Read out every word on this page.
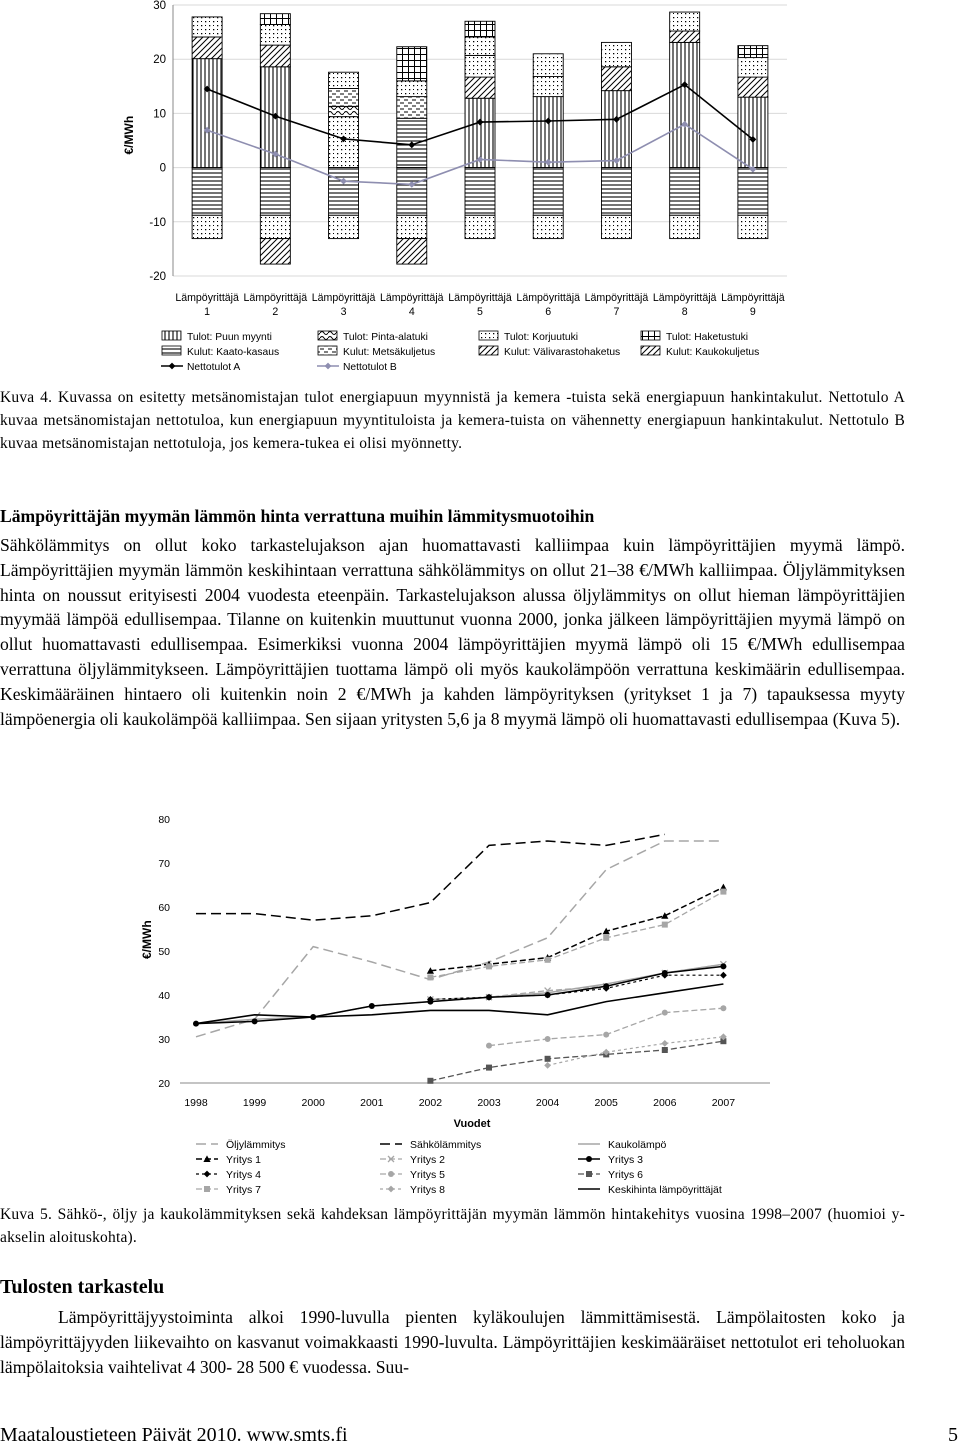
-20
-10
0
10
20
30
€/MWh
Lämpöyrittäjä
1
Lämpöyrittäjä
2
Lämpöyrittäjä
3
Lämpöyrittäjä
4
Lämpöyrittäjä
5
Lämpöyrittäjä
6
Lämpöyrittäjä
7
Lämpöyrittäjä
8
Lämpöyrittäjä
9
Tulot: Puun myynti	Tulot: Pinta-alatuki	Tulot: Korjuutuki	Tulot: Haketustuki
Kulut: Kaato-kasaus	Kulut: Metsäkuljetus	Kulut: Välivarastohaketus	Kulut: Kaukokuljetus
Nettotulot A	Nettotulot B

Kuva 4. Kuvassa on esitetty metsänomistajan tulot energiapuun myynnistä ja kemera -tuista sekä energiapuun hankintakulut. Nettotulo A kuvaa metsänomistajan nettotuloa, kun energiapuun myyntituloista ja kemera-tuista on vähennetty energiapuun hankintakulut. Nettotulo B kuvaa metsänomistajan nettotuloja, jos kemera-tukea ei olisi myönnetty.

Lämpöyrittäjän myymän lämmön hinta verrattuna muihin lämmitysmuotoihin

Sähkölämmitys on ollut koko tarkastelujakson ajan huomattavasti kalliimpaa kuin lämpöyrittäjien myymä lämpö. Lämpöyrittäjien myymän lämmön keskihintaan verrattuna sähkölämmitys on ollut 21–38 €/MWh kalliimpaa. Öljylämmityksen hinta on noussut erityisesti 2004 vuodesta eteenpäin. Tarkastelujakson alussa öljylämmitys on ollut hieman lämpöyrittäjien myymää lämpöä edullisempaa. Tilanne on kuitenkin muuttunut vuonna 2000, jonka jälkeen lämpöyrittäjien myymä lämpö on ollut huomattavasti edullisempaa. Esimerkiksi vuonna 2004 lämpöyrittäjien myymä lämpö oli 15 €/MWh edullisempaa verrattuna öljylämmitykseen. Lämpöyrittäjien tuottama lämpö oli myös kaukolämpöön verrattuna keskimäärin edullisempaa. Keskimääräinen hintaero oli kuitenkin noin 2 €/MWh ja kahden lämpöyrityksen (yritykset 1 ja 7) tapauksessa myyty lämpöenergia oli kaukolämpöä kalliimpaa. Sen sijaan yritysten 5,6 ja 8 myymä lämpö oli huomattavasti edullisempaa (Kuva 5).

20
30
40
50
60
70
80
€/MWh
1998	1999	2000	2001	2002	2003	2004	2005	2006	2007
Vuodet
Öljylämmitys	Sähkölämmitys	Kaukolämpö
Yritys 1	Yritys 2	Yritys 3
Yritys 4	Yritys 5	Yritys 6
Yritys 7	Yritys 8	Keskihinta lämpöyrittäjät

Kuva 5. Sähkö-, öljy ja kaukolämmityksen sekä kahdeksan lämpöyrittäjän myymän lämmön hintakehitys vuosina 1998–2007 (huomioi y-akselin aloituskohta).

Tulosten tarkastelu

Lämpöyrittäjyystoiminta alkoi 1990-luvulla pienten kyläkoulujen lämmittämisestä. Lämpölaitosten koko ja lämpöyrittäjyyden liikevaihto on kasvanut voimakkaasti 1990-luvulta. Lämpöyrittäjien keskimääräiset nettotulot eri teholuokan lämpölaitoksia vaihtelivat 4 300- 28 500 € vuodessa. Suu-

Maataloustieteen Päivät 2010. www.smts.fi	5
